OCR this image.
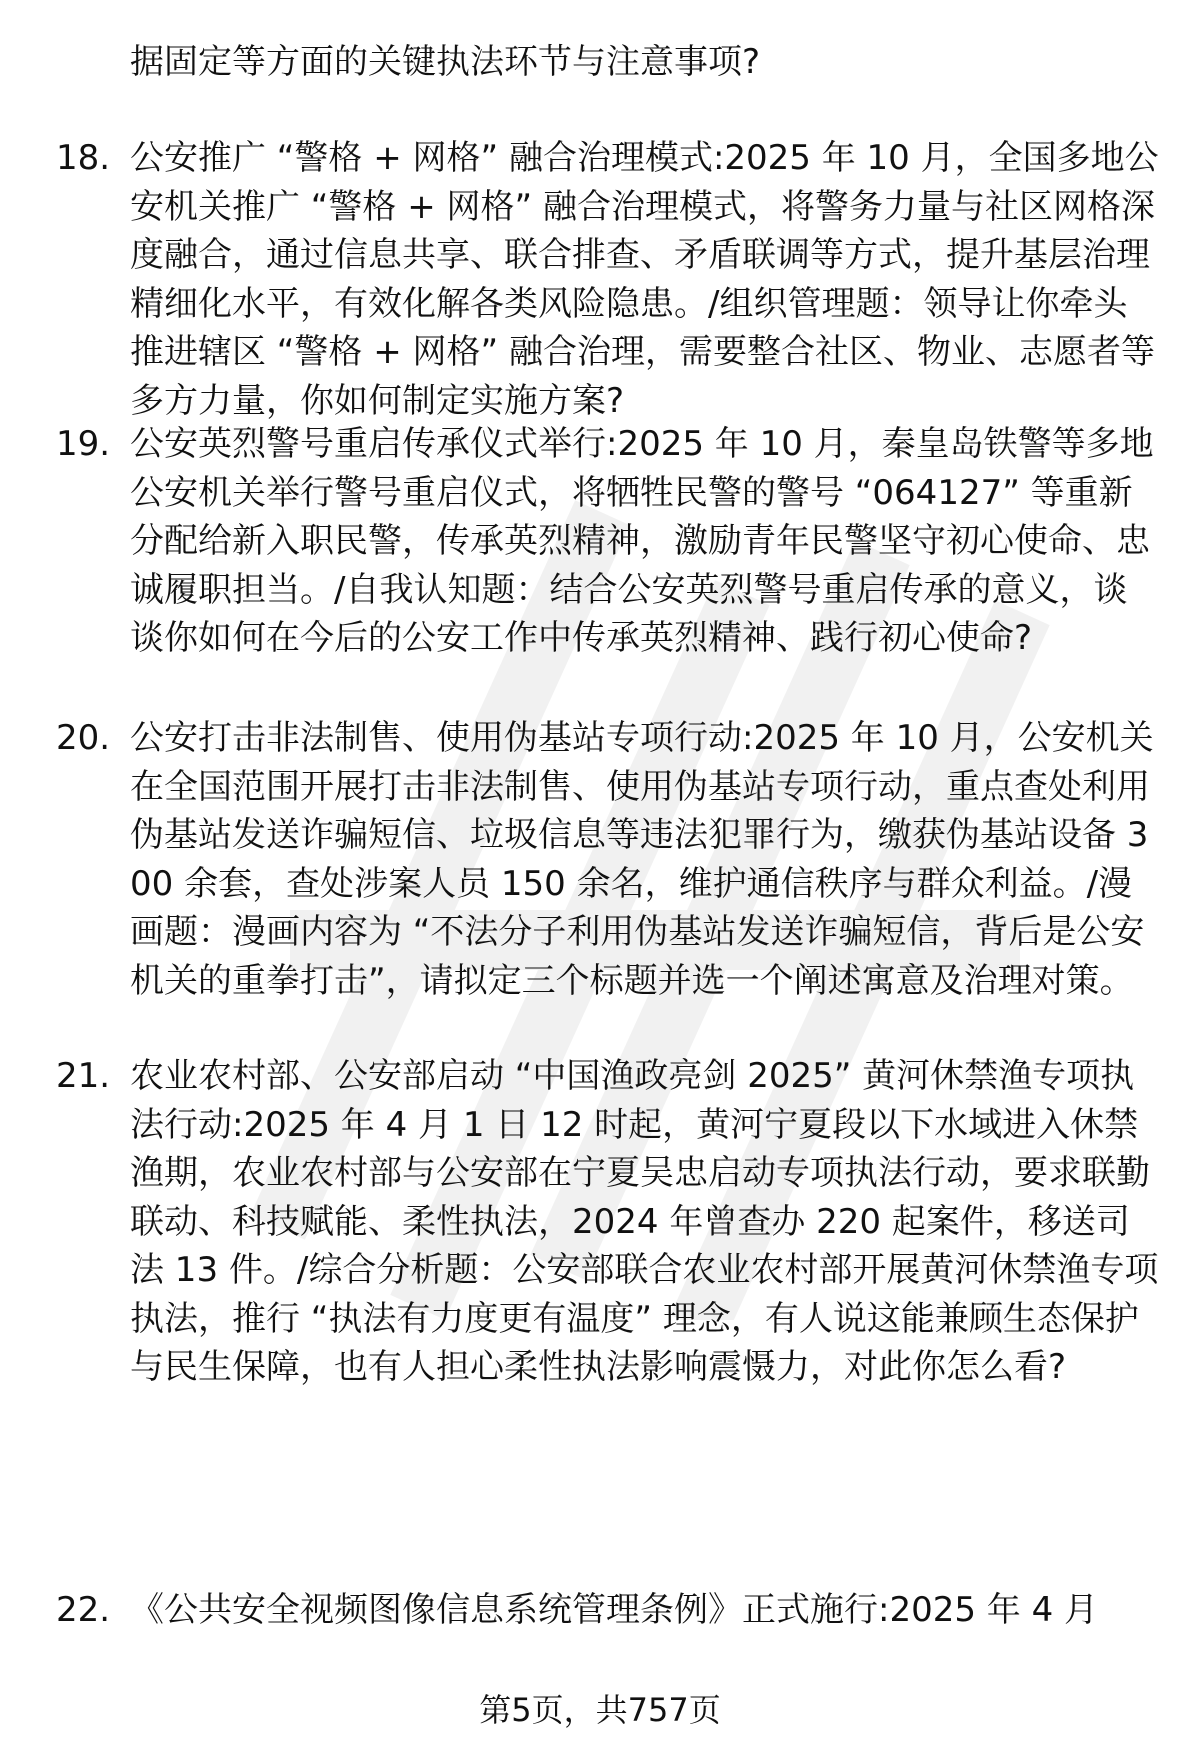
据固定等方面的关键执法环节与注意事项?
18. 公安推广 “警格 + 网格” 融合治理模式:2025 年 10 月，全国多地公安机关推广 “警格 + 网格” 融合治理模式，将警务力量与社区网格深度融合，通过信息共享、联合排查、矛盾联调等方式，提升基层治理精细化水平，有效化解各类风险隐患。/组织管理题：领导让你牵头推进辖区 “警格 + 网格” 融合治理，需要整合社区、物业、志愿者等多方力量，你如何制定实施方案?
19. 公安英烈警号重启传承仪式举行:2025 年 10 月，秦皇岛铁警等多地公安机关举行警号重启仪式，将牺牲民警的警号 “064127” 等重新分配给新入职民警，传承英烈精神，激励青年民警坚守初心使命、忠诚履职担当。/自我认知题：结合公安英烈警号重启传承的意义，谈谈你如何在今后的公安工作中传承英烈精神、践行初心使命?
20. 公安打击非法制售、使用伪基站专项行动:2025 年 10 月，公安机关在全国范围开展打击非法制售、使用伪基站专项行动，重点查处利用伪基站发送诈骗短信、垃圾信息等违法犯罪行为，缴获伪基站设备 300 余套，查处涉案人员 150 余名，维护通信秩序与群众利益。/漫画题：漫画内容为 “不法分子利用伪基站发送诈骗短信，背后是公安机关的重拳打击”，请拟定三个标题并选一个阐述寓意及治理对策。
21. 农业农村部、公安部启动 “中国渔政亮剑 2025” 黄河休禁渔专项执法行动:2025 年 4 月 1 日 12 时起，黄河宁夏段以下水域进入休禁渔期，农业农村部与公安部在宁夏吴忠启动专项执法行动，要求联勤联动、科技赋能、柔性执法，2024 年曾查办 220 起案件，移送司法 13 件。/综合分析题：公安部联合农业农村部开展黄河休禁渔专项执法，推行 “执法有力度更有温度” 理念，有人说这能兼顾生态保护与民生保障，也有人担心柔性执法影响震慑力，对此你怎么看?
22. 《公共安全视频图像信息系统管理条例》正式施行:2025 年 4 月
第5页，共757页
